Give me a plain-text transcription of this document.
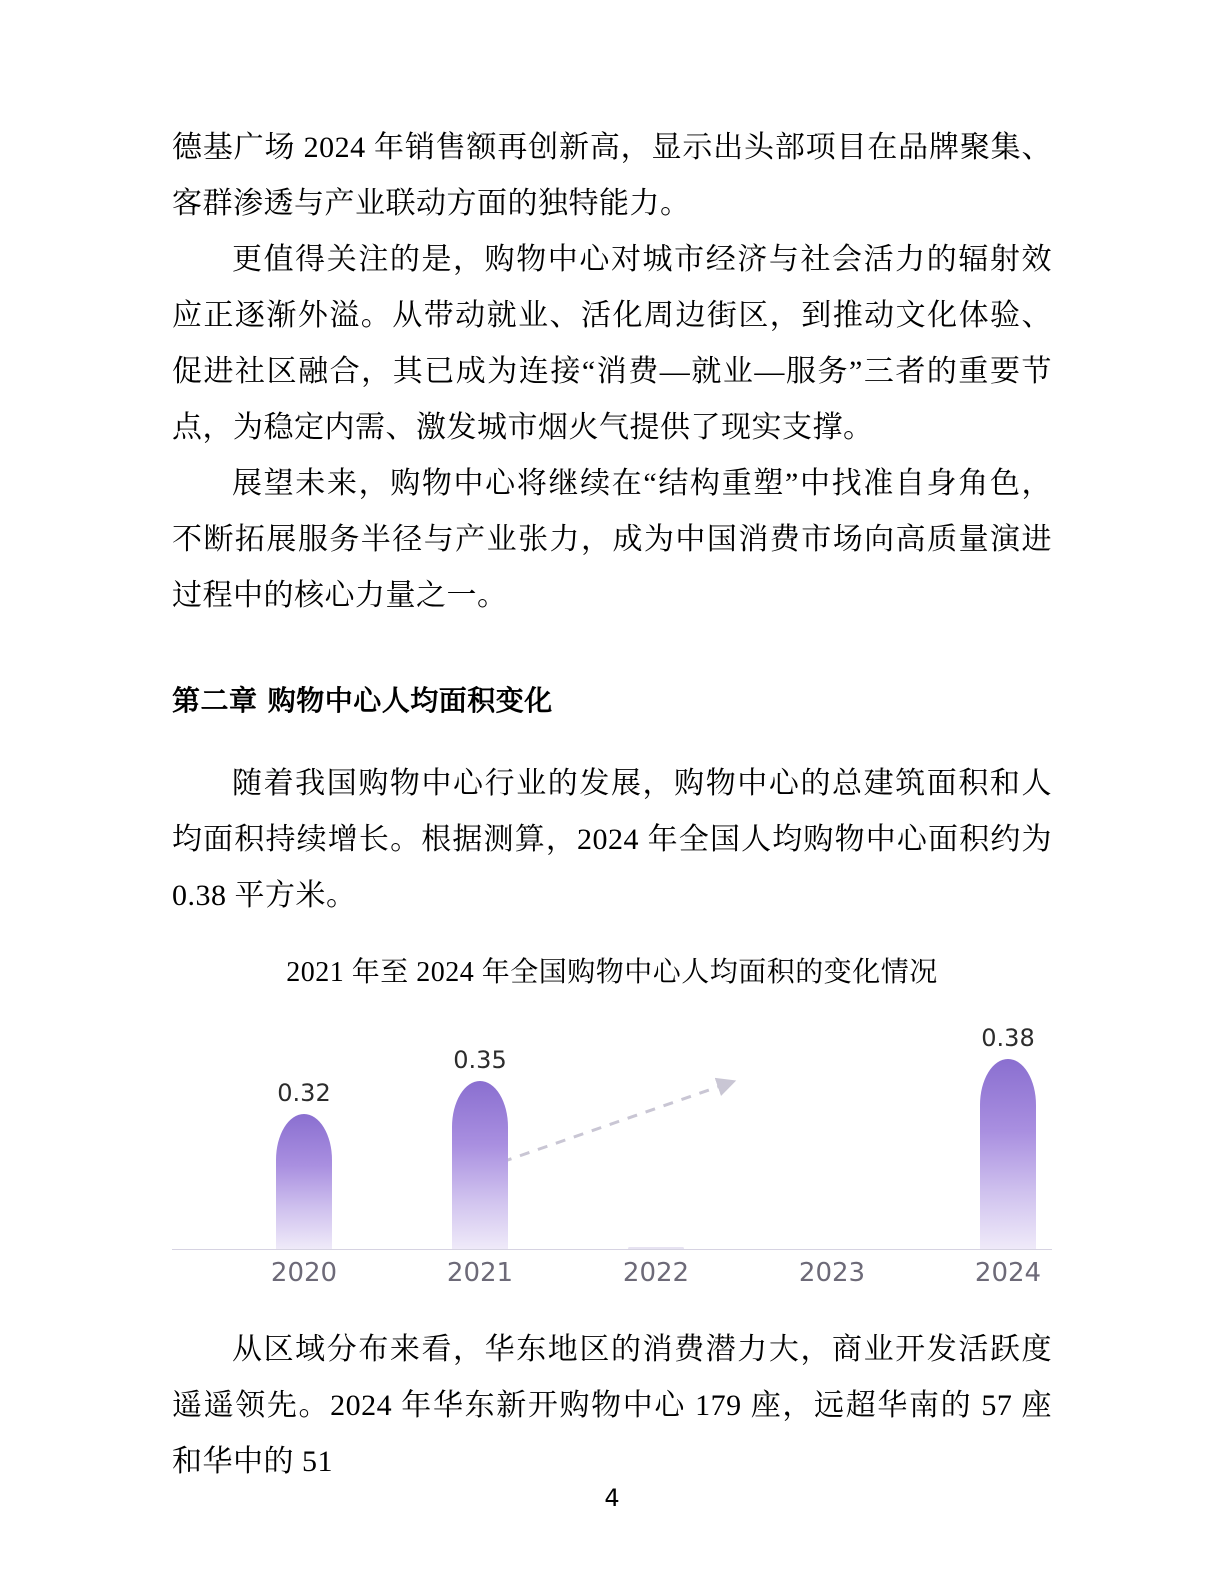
德基广场 2024 年销售额再创新高，显示出头部项目在品牌聚集、客群渗透与产业联动方面的独特能力。

更值得关注的是，购物中心对城市经济与社会活力的辐射效应正逐渐外溢。从带动就业、活化周边街区，到推动文化体验、促进社区融合，其已成为连接“消费—就业—服务”三者的重要节点，为稳定内需、激发城市烟火气提供了现实支撑。

展望未来，购物中心将继续在“结构重塑”中找准自身角色，不断拓展服务半径与产业张力，成为中国消费市场向高质量演进过程中的核心力量之一。

第二章 购物中心人均面积变化

随着我国购物中心行业的发展，购物中心的总建筑面积和人均面积持续增长。根据测算，2024 年全国人均购物中心面积约为 0.38 平方米。

2021 年至 2024 年全国购物中心人均面积的变化情况
0.32
0.35
0.38
2020	2021	2022	2023	2024

从区域分布来看，华东地区的消费潜力大，商业开发活跃度遥遥领先。2024 年华东新开购物中心 179 座，远超华南的 57 座和华中的 51

4
